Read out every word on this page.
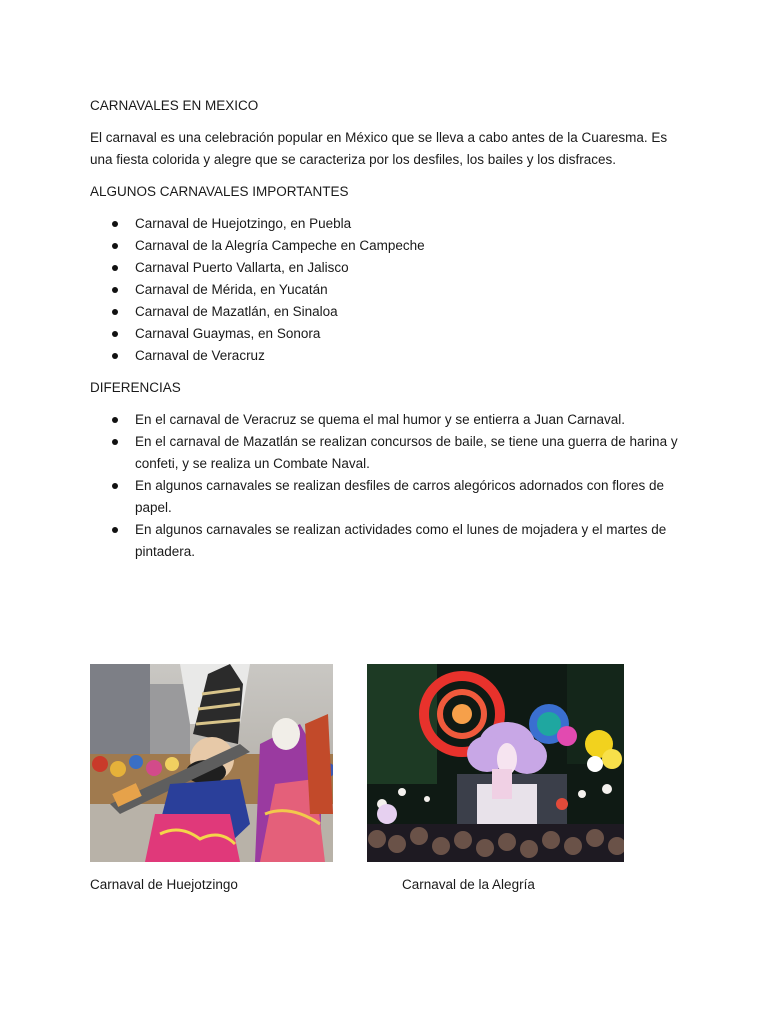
CARNAVALES EN MEXICO

El carnaval es una celebración popular en México que se lleva a cabo antes de la Cuaresma. Es una fiesta colorida y alegre que se caracteriza por los desfiles, los bailes y los disfraces.

ALGUNOS CARNAVALES IMPORTANTES

Carnaval de Huejotzingo, en Puebla
Carnaval de la Alegría Campeche en Campeche
Carnaval Puerto Vallarta, en Jalisco
Carnaval de Mérida, en Yucatán
Carnaval de Mazatlán, en Sinaloa
Carnaval Guaymas, en Sonora
Carnaval de Veracruz

DIFERENCIAS

En el carnaval de Veracruz se quema el mal humor y se entierra a Juan Carnaval.
En el carnaval de Mazatlán se realizan concursos de baile, se tiene una guerra de harina y confeti, y se realiza un Combate Naval.
En algunos carnavales se realizan desfiles de carros alegóricos adornados con flores de papel.
En algunos carnavales se realizan actividades como el lunes de mojadera y el martes de pintadera.
Carnaval de Huejotzingo	Carnaval de la Alegría
